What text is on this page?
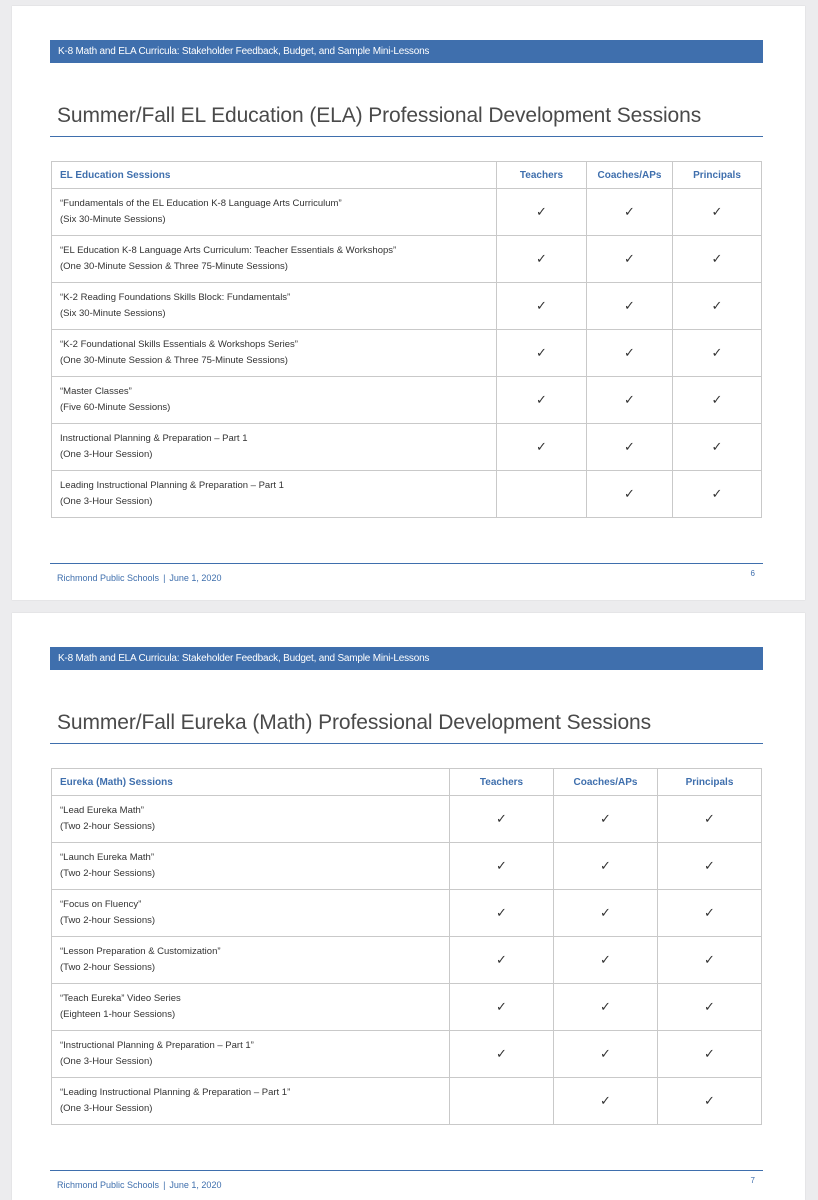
K-8 Math and ELA Curricula: Stakeholder Feedback, Budget, and Sample Mini-Lessons
Summer/Fall EL Education (ELA) Professional Development Sessions
EL Education Sessions	Teachers	Coaches/APs	Principals

“Fundamentals of the EL Education K-8 Language Arts Curriculum”
(Six 30-Minute Sessions)	✓	✓	✓

“EL Education K-8 Language Arts Curriculum: Teacher Essentials & Workshops”
(One 30-Minute Session & Three 75-Minute Sessions)	✓	✓	✓

“K-2 Reading Foundations Skills Block: Fundamentals”
(Six 30-Minute Sessions)	✓	✓	✓

“K-2 Foundational Skills Essentials & Workshops Series”
(One 30-Minute Session & Three 75-Minute Sessions)	✓	✓	✓

“Master Classes”
(Five 60-Minute Sessions)	✓	✓	✓

Instructional Planning & Preparation – Part 1
(One 3-Hour Session)	✓	✓	✓

Leading Instructional Planning & Preparation – Part 1
(One 3-Hour Session)		✓	✓
Richmond Public Schools | June 1, 2020	6
K-8 Math and ELA Curricula: Stakeholder Feedback, Budget, and Sample Mini-Lessons
Summer/Fall Eureka (Math) Professional Development Sessions
Eureka (Math) Sessions	Teachers	Coaches/APs	Principals

“Lead Eureka Math”
(Two 2-hour Sessions)	✓	✓	✓

“Launch Eureka Math”
(Two 2-hour Sessions)	✓	✓	✓

“Focus on Fluency”
(Two 2-hour Sessions)	✓	✓	✓

“Lesson Preparation & Customization”
(Two 2-hour Sessions)	✓	✓	✓

“Teach Eureka” Video Series
(Eighteen 1-hour Sessions)	✓	✓	✓

“Instructional Planning & Preparation – Part 1”
(One 3-Hour Session)	✓	✓	✓

“Leading Instructional Planning & Preparation – Part 1”
(One 3-Hour Session)		✓	✓
Richmond Public Schools | June 1, 2020	7
